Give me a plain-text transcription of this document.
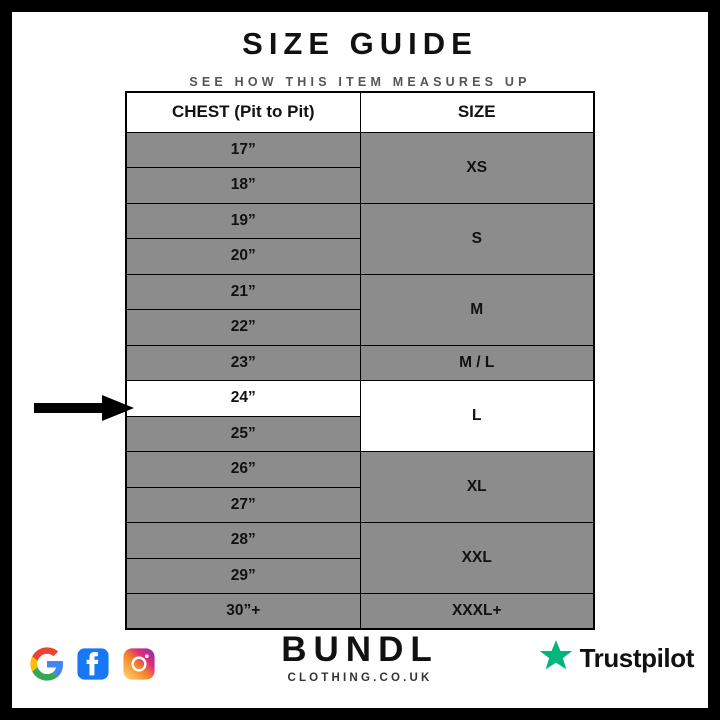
SIZE GUIDE
SEE HOW THIS ITEM MEASURES UP
CHEST (Pit to Pit)	SIZE
17”	XS
18”	
19”	S
20”	
21”	M
22”	
23”	M / L
24”	L
25”	
26”	XL
27”	
28”	XXL
29”	
30”+	XXXL+
BUNDL
CLOTHING.CO.UK
Trustpilot
